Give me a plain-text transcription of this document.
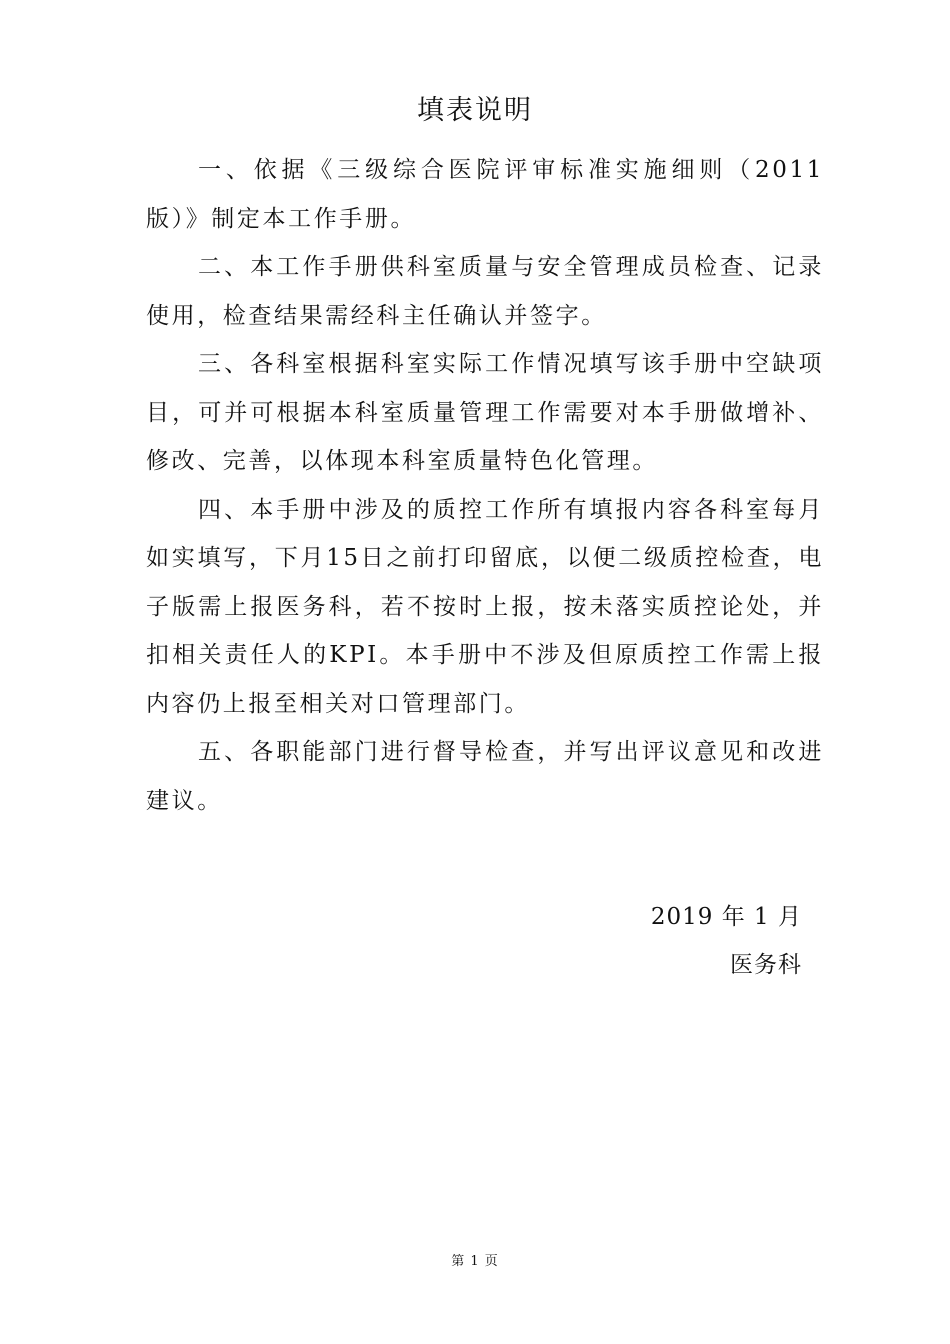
填表说明

一、依据《三级综合医院评审标准实施细则（2011版）》制定本工作手册。

二、本工作手册供科室质量与安全管理成员检查、记录使用，检查结果需经科主任确认并签字。

三、各科室根据科室实际工作情况填写该手册中空缺项目，可并可根据本科室质量管理工作需要对本手册做增补、修改、完善，以体现本科室质量特色化管理。

四、本手册中涉及的质控工作所有填报内容各科室每月如实填写，下月15日之前打印留底，以便二级质控检查，电子版需上报医务科，若不按时上报，按未落实质控论处，并扣相关责任人的KPI。本手册中不涉及但原质控工作需上报内容仍上报至相关对口管理部门。

五、各职能部门进行督导检查，并写出评议意见和改进建议。

2019 年 1 月
医务科
第 1 页
